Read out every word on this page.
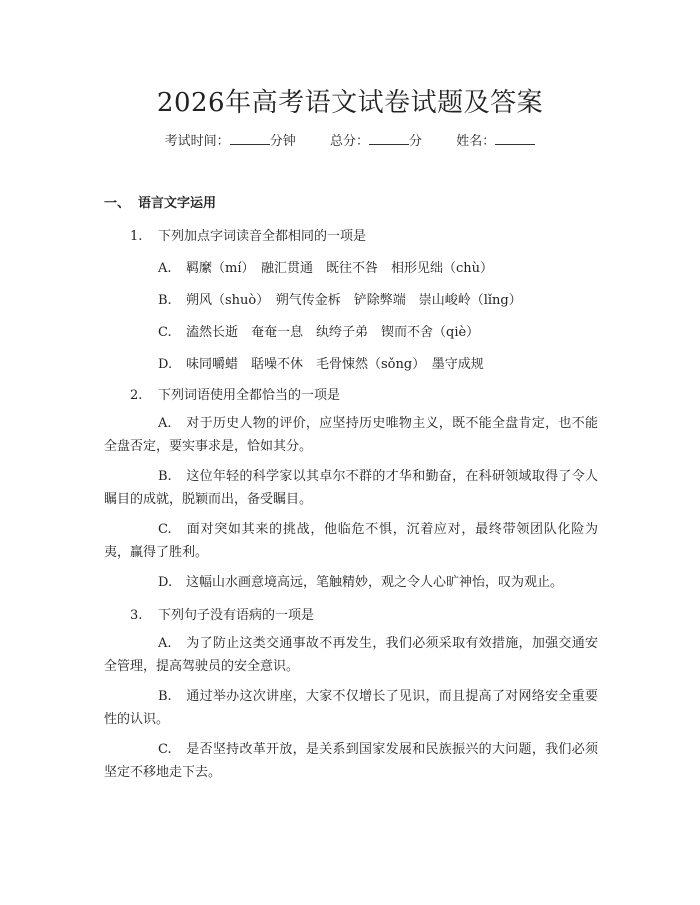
2026年高考语文试卷试题及答案
考试时间：	分钟	总分：	分	姓名：
一、 语言文字运用
1. 下列加点字词读音全都相同的一项是
A. 羁縻（mí）　融汇贯通　既往不咎　相形见绌（chù）
B. 朔风（shuò）　朔气传金柝　铲除弊端　崇山峻岭（lǐng）
C. 溘然长逝　奄奄一息　纨绔子弟　锲而不舍（qiè）
D. 味同嚼蜡　聒噪不休　毛骨悚然（sǒng）　墨守成规
2. 下列词语使用全都恰当的一项是
A. 对于历史人物的评价，应坚持历史唯物主义，既不能全盘肯定，也不能全盘否定，要实事求是，恰如其分。
B. 这位年轻的科学家以其卓尔不群的才华和勤奋，在科研领域取得了令人瞩目的成就，脱颖而出，备受瞩目。
C. 面对突如其来的挑战，他临危不惧，沉着应对，最终带领团队化险为夷，赢得了胜利。
D. 这幅山水画意境高远，笔触精妙，观之令人心旷神怡，叹为观止。
3. 下列句子没有语病的一项是
A. 为了防止这类交通事故不再发生，我们必须采取有效措施，加强交通安全管理，提高驾驶员的安全意识。
B. 通过举办这次讲座，大家不仅增长了见识，而且提高了对网络安全重要性的认识。
C. 是否坚持改革开放，是关系到国家发展和民族振兴的大问题，我们必须坚定不移地走下去。
